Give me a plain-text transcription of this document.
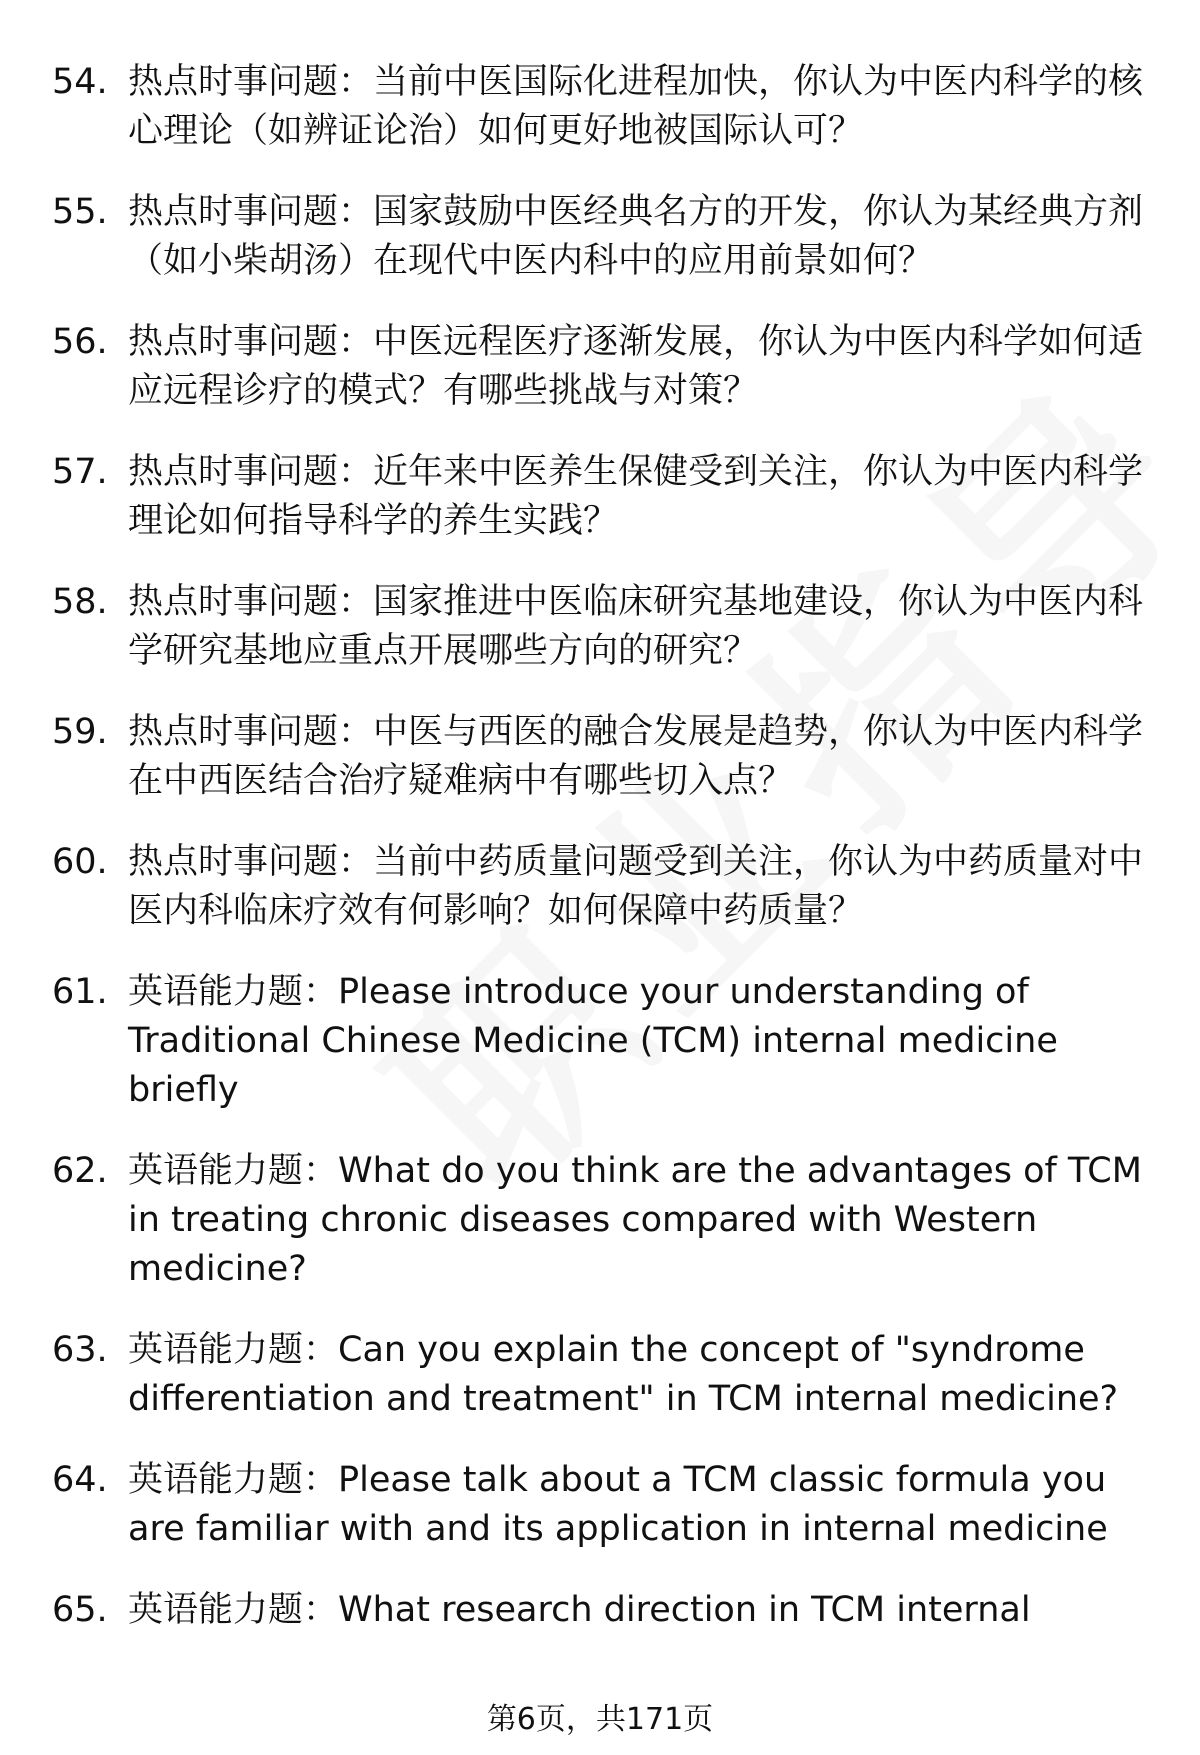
54. 热点时事问题：当前中医国际化进程加快，你认为中医内科学的核心理论（如辨证论治）如何更好地被国际认可？
55. 热点时事问题：国家鼓励中医经典名方的开发，你认为某经典方剂（如小柴胡汤）在现代中医内科中的应用前景如何？
56. 热点时事问题：中医远程医疗逐渐发展，你认为中医内科学如何适应远程诊疗的模式？有哪些挑战与对策？
57. 热点时事问题：近年来中医养生保健受到关注，你认为中医内科学理论如何指导科学的养生实践？
58. 热点时事问题：国家推进中医临床研究基地建设，你认为中医内科学研究基地应重点开展哪些方向的研究？
59. 热点时事问题：中医与西医的融合发展是趋势，你认为中医内科学在中西医结合治疗疑难病中有哪些切入点？
60. 热点时事问题：当前中药质量问题受到关注，你认为中药质量对中医内科临床疗效有何影响？如何保障中药质量？
61. 英语能力题：Please introduce your understanding of Traditional Chinese Medicine (TCM) internal medicine briefly
62. 英语能力题：What do you think are the advantages of TCM in treating chronic diseases compared with Western medicine?
63. 英语能力题：Can you explain the concept of "syndrome differentiation and treatment" in TCM internal medicine?
64. 英语能力题：Please talk about a TCM classic formula you are familiar with and its application in internal medicine
65. 英语能力题：What research direction in TCM internal
第6页，共171页
